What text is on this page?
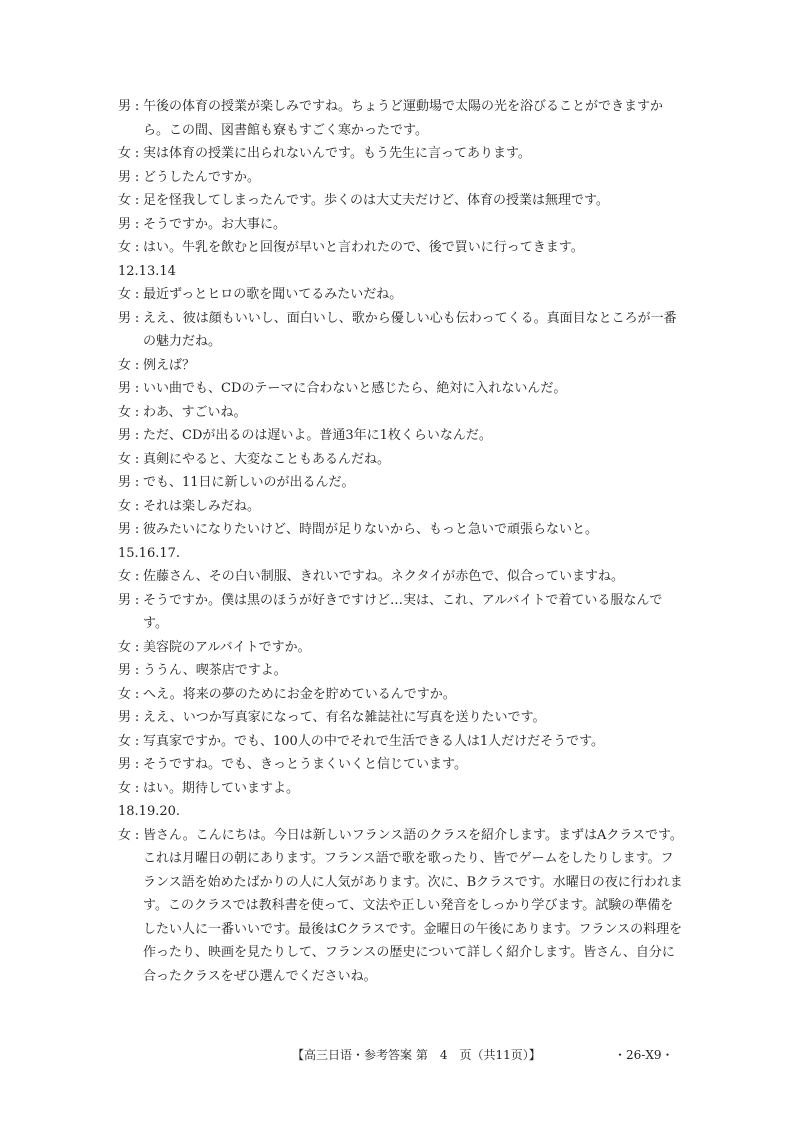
男 : 午後の体育の授業が楽しみですね。ちょうど運動場で太陽の光を浴びることができますから。この間、図書館も寮もすごく寒かったです。
女 : 実は体育の授業に出られないんです。もう先生に言ってあります。
男 : どうしたんですか。
女 : 足を怪我してしまったんです。歩くのは大丈夫だけど、体育の授業は無理です。
男 : そうですか。お大事に。
女 : はい。牛乳を飲むと回復が早いと言われたので、後で買いに行ってきます。
12.13.14
女 : 最近ずっとヒロの歌を聞いてるみたいだね。
男 : ええ、彼は顔もいいし、面白いし、歌から優しい心も伝わってくる。真面目なところが一番の魅力だね。
女 : 例えば？
男 : いい曲でも、CDのテーマに合わないと感じたら、絶対に入れないんだ。
女 : わあ、すごいね。
男 : ただ、CDが出るのは遅いよ。普通3年に1枚くらいなんだ。
女 : 真剣にやると、大変なこともあるんだね。
男 : でも、11日に新しいのが出るんだ。
女 : それは楽しみだね。
男 : 彼みたいになりたいけど、時間が足りないから、もっと急いで頑張らないと。
15.16.17.
女 : 佐藤さん、その白い制服、きれいですね。ネクタイが赤色で、似合っていますね。
男 : そうですか。僕は黒のほうが好きですけど…実は、これ、アルバイトで着ている服なんです。
女 : 美容院のアルバイトですか。
男 : ううん、喫茶店ですよ。
女 : へえ。将来の夢のためにお金を貯めているんですか。
男 : ええ、いつか写真家になって、有名な雑誌社に写真を送りたいです。
女 : 写真家ですか。でも、100人の中でそれで生活できる人は1人だけだそうです。
男 : そうですね。でも、きっとうまくいくと信じています。
女 : はい。期待していますよ。
18.19.20.
女 : 皆さん。こんにちは。今日は新しいフランス語のクラスを紹介します。まずはAクラスです。これは月曜日の朝にあります。フランス語で歌を歌ったり、皆でゲームをしたりします。フランス語を始めたばかりの人に人気があります。次に、Bクラスです。水曜日の夜に行われます。このクラスでは教科書を使って、文法や正しい発音をしっかり学びます。試験の準備をしたい人に一番いいです。最後はCクラスです。金曜日の午後にあります。フランスの料理を作ったり、映画を見たりして、フランスの歴史について詳しく紹介します。皆さん、自分に合ったクラスをぜひ選んでくださいね。
【高三日语・参考答案 第　4　页（共11页）】	・26-X9・
